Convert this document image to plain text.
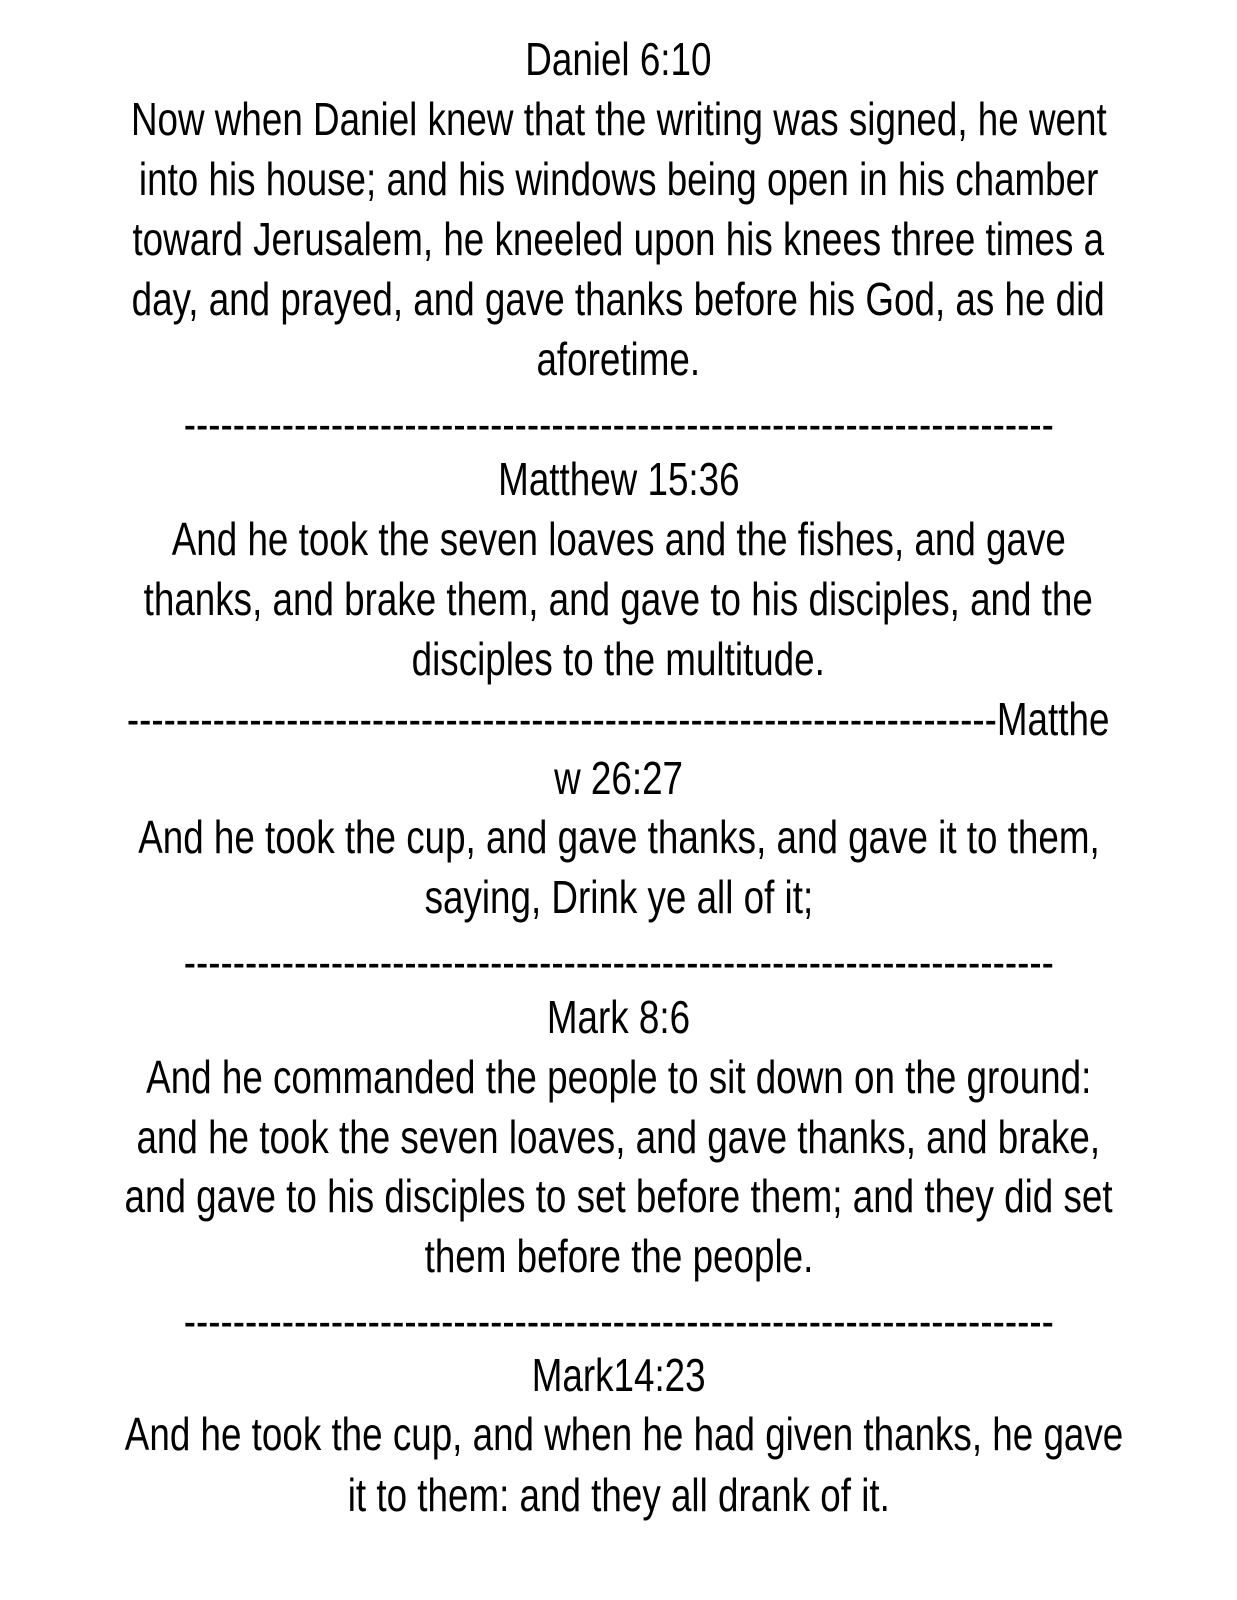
Daniel 6:10
Now when Daniel knew that the writing was signed, he went
into his house; and his windows being open in his chamber
toward Jerusalem, he kneeled upon his knees three times a
day, and prayed, and gave thanks before his God, as he did
aforetime.
-----------------------------------------------------------------------
Matthew 15:36
And he took the seven loaves and the fishes, and gave
thanks, and brake them, and gave to his disciples, and the
disciples to the multitude.
-----------------------------------------------------------------------Matthe
w 26:27
And he took the cup, and gave thanks, and gave it to them,
saying, Drink ye all of it;
-----------------------------------------------------------------------
Mark 8:6
And he commanded the people to sit down on the ground:
and he took the seven loaves, and gave thanks, and brake,
and gave to his disciples to set before them; and they did set
them before the people.
-----------------------------------------------------------------------
Mark14:23
And he took the cup, and when he had given thanks, he gave
it to them: and they all drank of it.
